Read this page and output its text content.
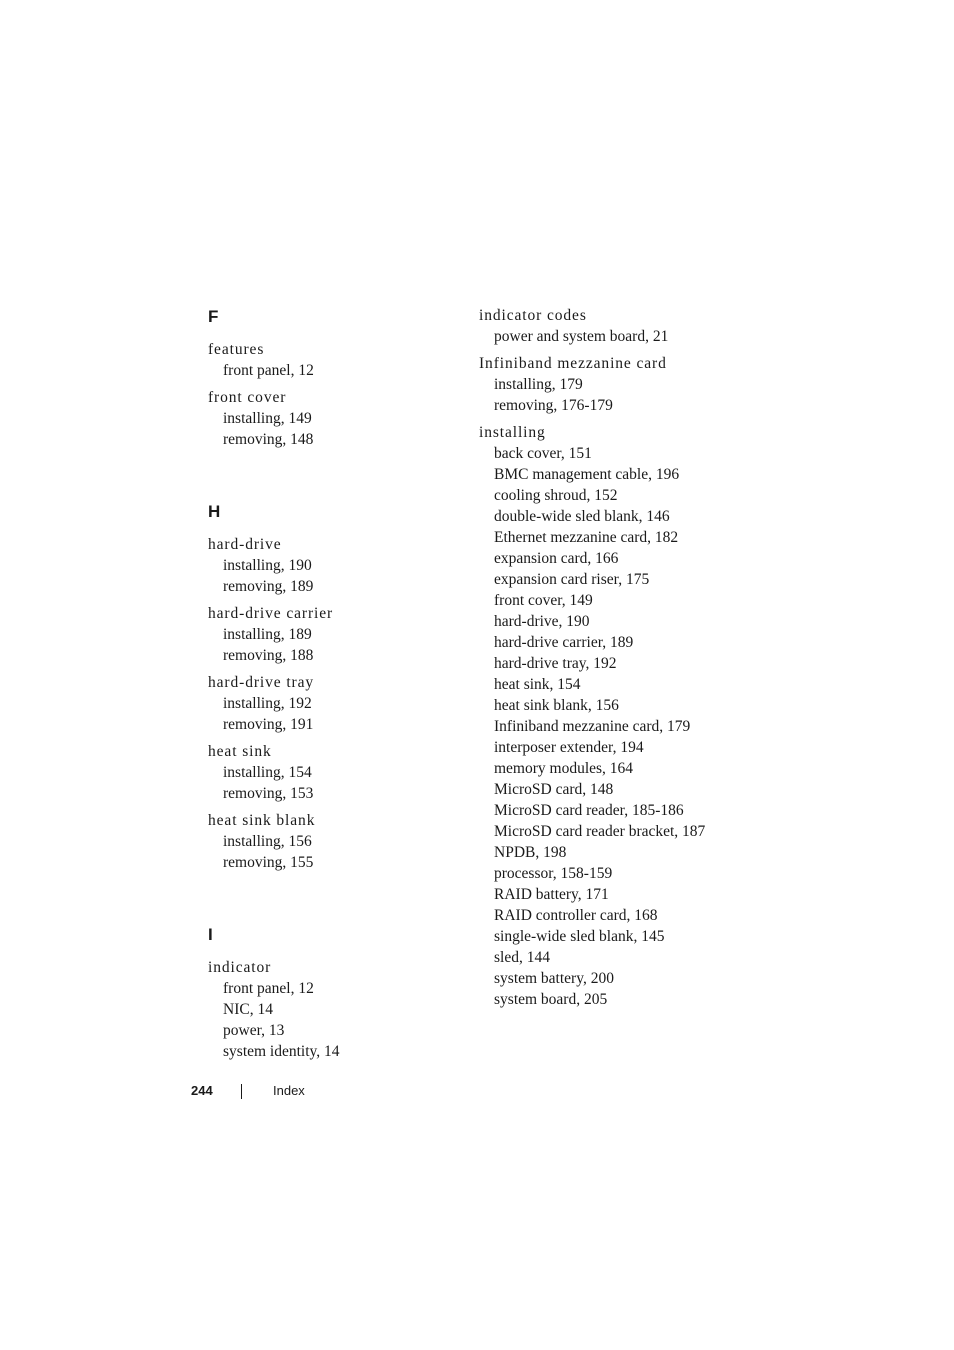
F
features
front panel, 12
front cover
installing, 149
removing, 148
H
hard-drive
installing, 190
removing, 189
hard-drive carrier
installing, 189
removing, 188
hard-drive tray
installing, 192
removing, 191
heat sink
installing, 154
removing, 153
heat sink blank
installing, 156
removing, 155
I
indicator
front panel, 12
NIC, 14
power, 13
system identity, 14
indicator codes
power and system board, 21
Infiniband mezzanine card
installing, 179
removing, 176-179
installing
back cover, 151
BMC management cable, 196
cooling shroud, 152
double-wide sled blank, 146
Ethernet mezzanine card, 182
expansion card, 166
expansion card riser, 175
front cover, 149
hard-drive, 190
hard-drive carrier, 189
hard-drive tray, 192
heat sink, 154
heat sink blank, 156
Infiniband mezzanine card, 179
interposer extender, 194
memory modules, 164
MicroSD card, 148
MicroSD card reader, 185-186
MicroSD card reader bracket, 187
NPDB, 198
processor, 158-159
RAID battery, 171
RAID controller card, 168
single-wide sled blank, 145
sled, 144
system battery, 200
system board, 205
244	Index
